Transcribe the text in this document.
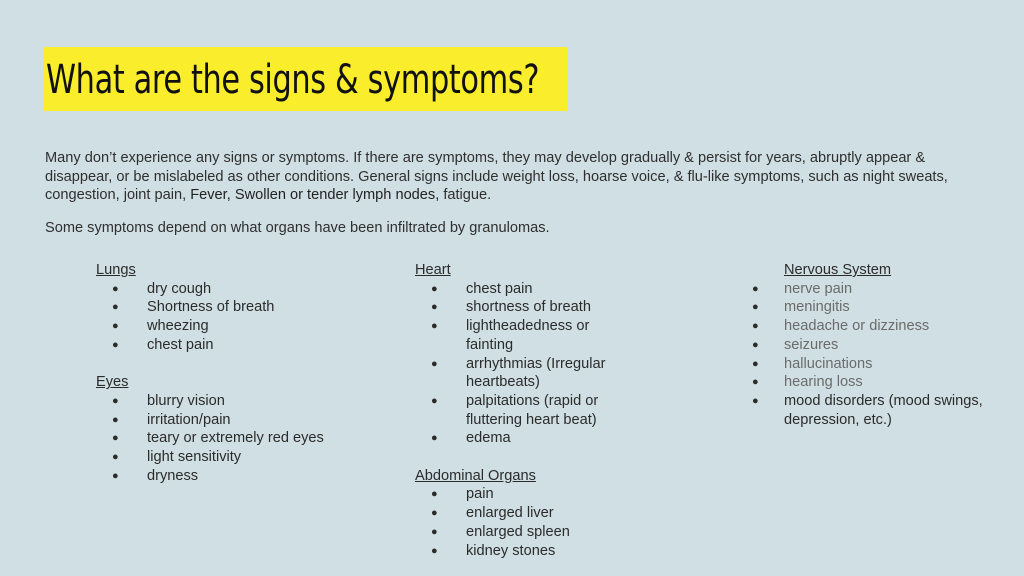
What are the signs & symptoms?

Many don’t experience any signs or symptoms. If there are symptoms, they may develop gradually & persist for years, abruptly appear & disappear, or be mislabeled as other conditions. General signs include weight loss, hoarse voice, & flu-like symptoms, such as night sweats, congestion, joint pain, Fever, Swollen or tender lymph nodes, fatigue.

Some symptoms depend on what organs have been infiltrated by granulomas.

Lungs
● dry cough
● Shortness of breath
● wheezing
● chest pain
Eyes
● blurry vision
● irritation/pain
● teary or extremely red eyes
● light sensitivity
● dryness
Heart
● chest pain
● shortness of breath
● lightheadedness or fainting
● arrhythmias (Irregular heartbeats)
● palpitations (rapid or fluttering heart beat)
● edema
Abdominal Organs
● pain
● enlarged liver
● enlarged spleen
● kidney stones
Nervous System
● nerve pain
● meningitis
● headache or dizziness
● seizures
● hallucinations
● hearing loss
● mood disorders (mood swings, depression, etc.)
